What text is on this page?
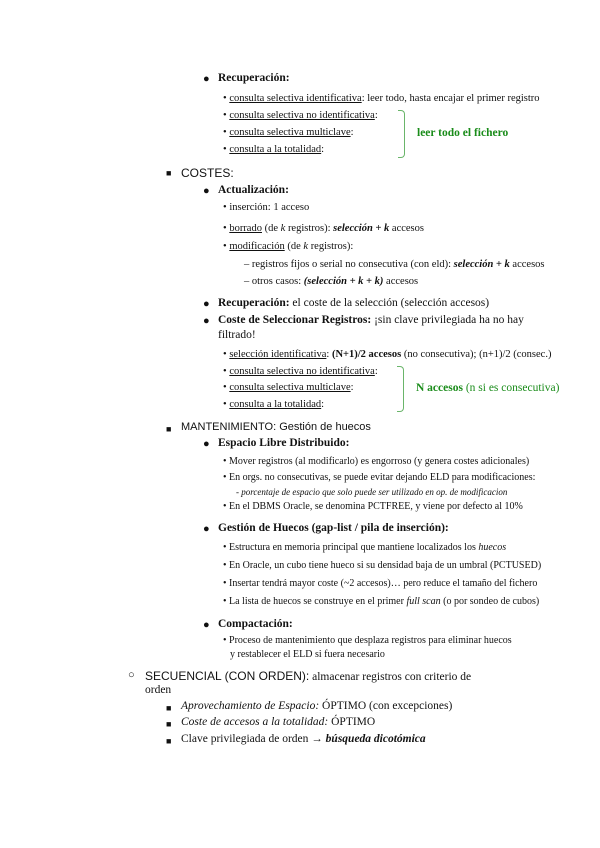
● Recuperación:
• consulta selectiva identificativa: leer todo, hasta encajar el primer registro
• consulta selectiva no identificativa:
• consulta selectiva multiclave:
• consulta a la totalidad:
leer todo el fichero
■ COSTES:
● Actualización:
• inserción: 1 acceso
• borrado (de k registros): selección + k accesos
• modificación (de k registros):
– registros fijos o serial no consecutiva (con eld): selección + k accesos
– otros casos: (selección + k + k) accesos
● Recuperación: el coste de la selección (selección accesos)
● Coste de Seleccionar Registros: ¡sin clave privilegiada ha no hay
filtrado!
• selección identificativa: (N+1)/2 accesos (no consecutiva); (n+1)/2 (consec.)
• consulta selectiva no identificativa:
• consulta selectiva multiclave:
• consulta a la totalidad:
N accesos (n si es consecutiva)
■ MANTENIMIENTO: Gestión de huecos
● Espacio Libre Distribuido:
• Mover registros (al modificarlo) es engorroso (y genera costes adicionales)
• En orgs. no consecutivas, se puede evitar dejando ELD para modificaciones:
- porcentaje de espacio que solo puede ser utilizado en op. de modificacion
• En el DBMS Oracle, se denomina PCTFREE, y viene por defecto al 10%
● Gestión de Huecos (gap-list / pila de inserción):
• Estructura en memoria principal que mantiene localizados los huecos
• En Oracle, un cubo tiene hueco si su densidad baja de un umbral (PCTUSED)
• Insertar tendrá mayor coste (~2 accesos)… pero reduce el tamaño del fichero
• La lista de huecos se construye en el primer full scan (o por sondeo de cubos)
● Compactación:
• Proceso de mantenimiento que desplaza registros para eliminar huecos
y restablecer el ELD si fuera necesario
○ SECUENCIAL (CON ORDEN): almacenar registros con criterio de
orden
■ Aprovechamiento de Espacio: ÓPTIMO (con excepciones)
■ Coste de accesos a la totalidad: ÓPTIMO
■ Clave privilegiada de orden → búsqueda dicotómica
